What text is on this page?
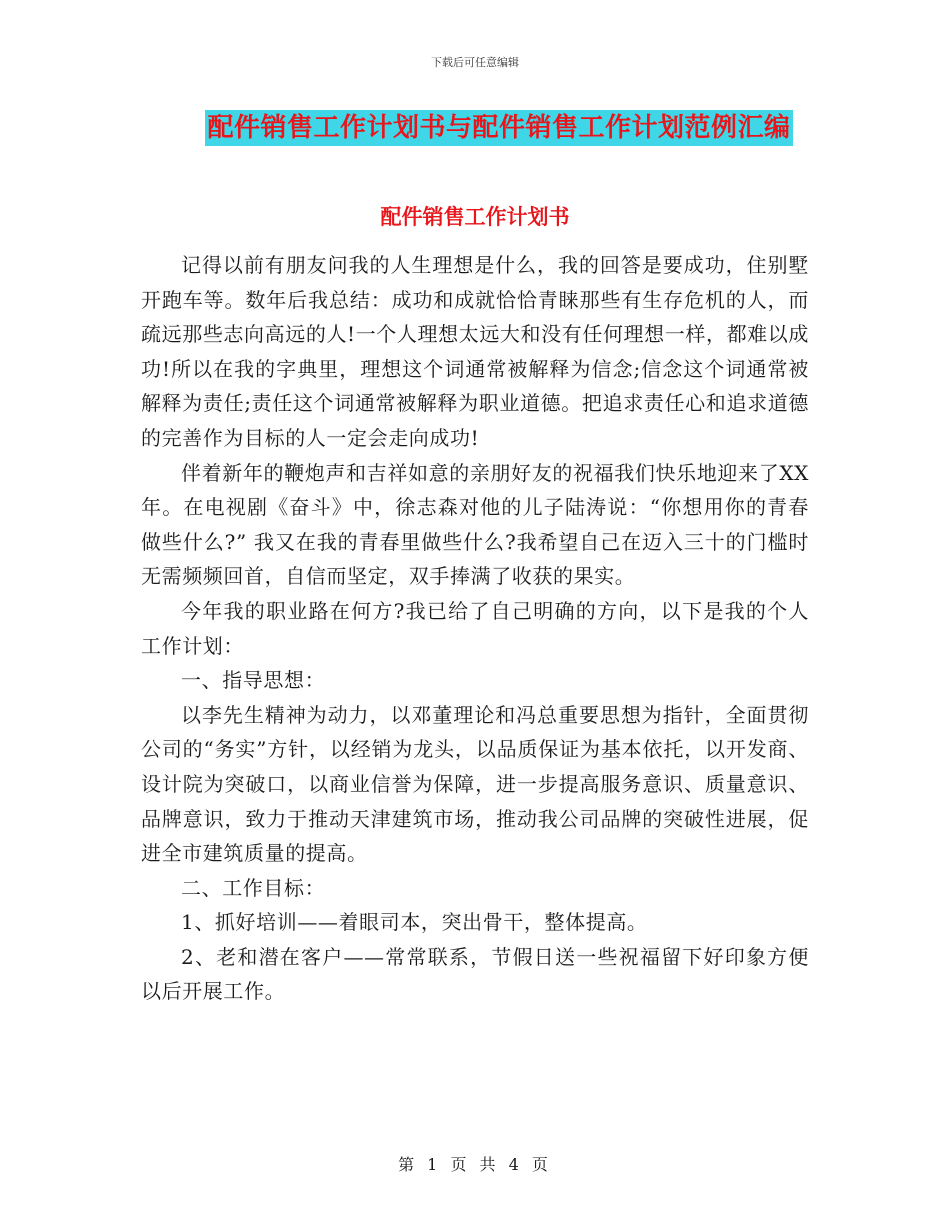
下载后可任意编辑
配件销售工作计划书与配件销售工作计划范例汇编
配件销售工作计划书

记得以前有朋友问我的人生理想是什么，我的回答是要成功，住别墅开跑车等。数年后我总结：成功和成就恰恰青睐那些有生存危机的人，而疏远那些志向高远的人!一个人理想太远大和没有任何理想一样，都难以成功!所以在我的字典里，理想这个词通常被解释为信念;信念这个词通常被解释为责任;责任这个词通常被解释为职业道德。把追求责任心和追求道德的完善作为目标的人一定会走向成功!

伴着新年的鞭炮声和吉祥如意的亲朋好友的祝福我们快乐地迎来了XX年。在电视剧《奋斗》中，徐志森对他的儿子陆涛说：“你想用你的青春做些什么?” 我又在我的青春里做些什么?我希望自己在迈入三十的门槛时无需频频回首，自信而坚定，双手捧满了收获的果实。

今年我的职业路在何方?我已给了自己明确的方向，以下是我的个人工作计划：

一、指导思想：

以李先生精神为动力，以邓董理论和冯总重要思想为指针，全面贯彻公司的“务实”方针，以经销为龙头，以品质保证为基本依托，以开发商、设计院为突破口，以商业信誉为保障，进一步提高服务意识、质量意识、品牌意识，致力于推动天津建筑市场，推动我公司品牌的突破性进展，促进全市建筑质量的提高。

二、工作目标：

1、抓好培训——着眼司本，突出骨干，整体提高。

2、老和潜在客户——常常联系，节假日送一些祝福留下好印象方便以后开展工作。

第 1 页 共 4 页
